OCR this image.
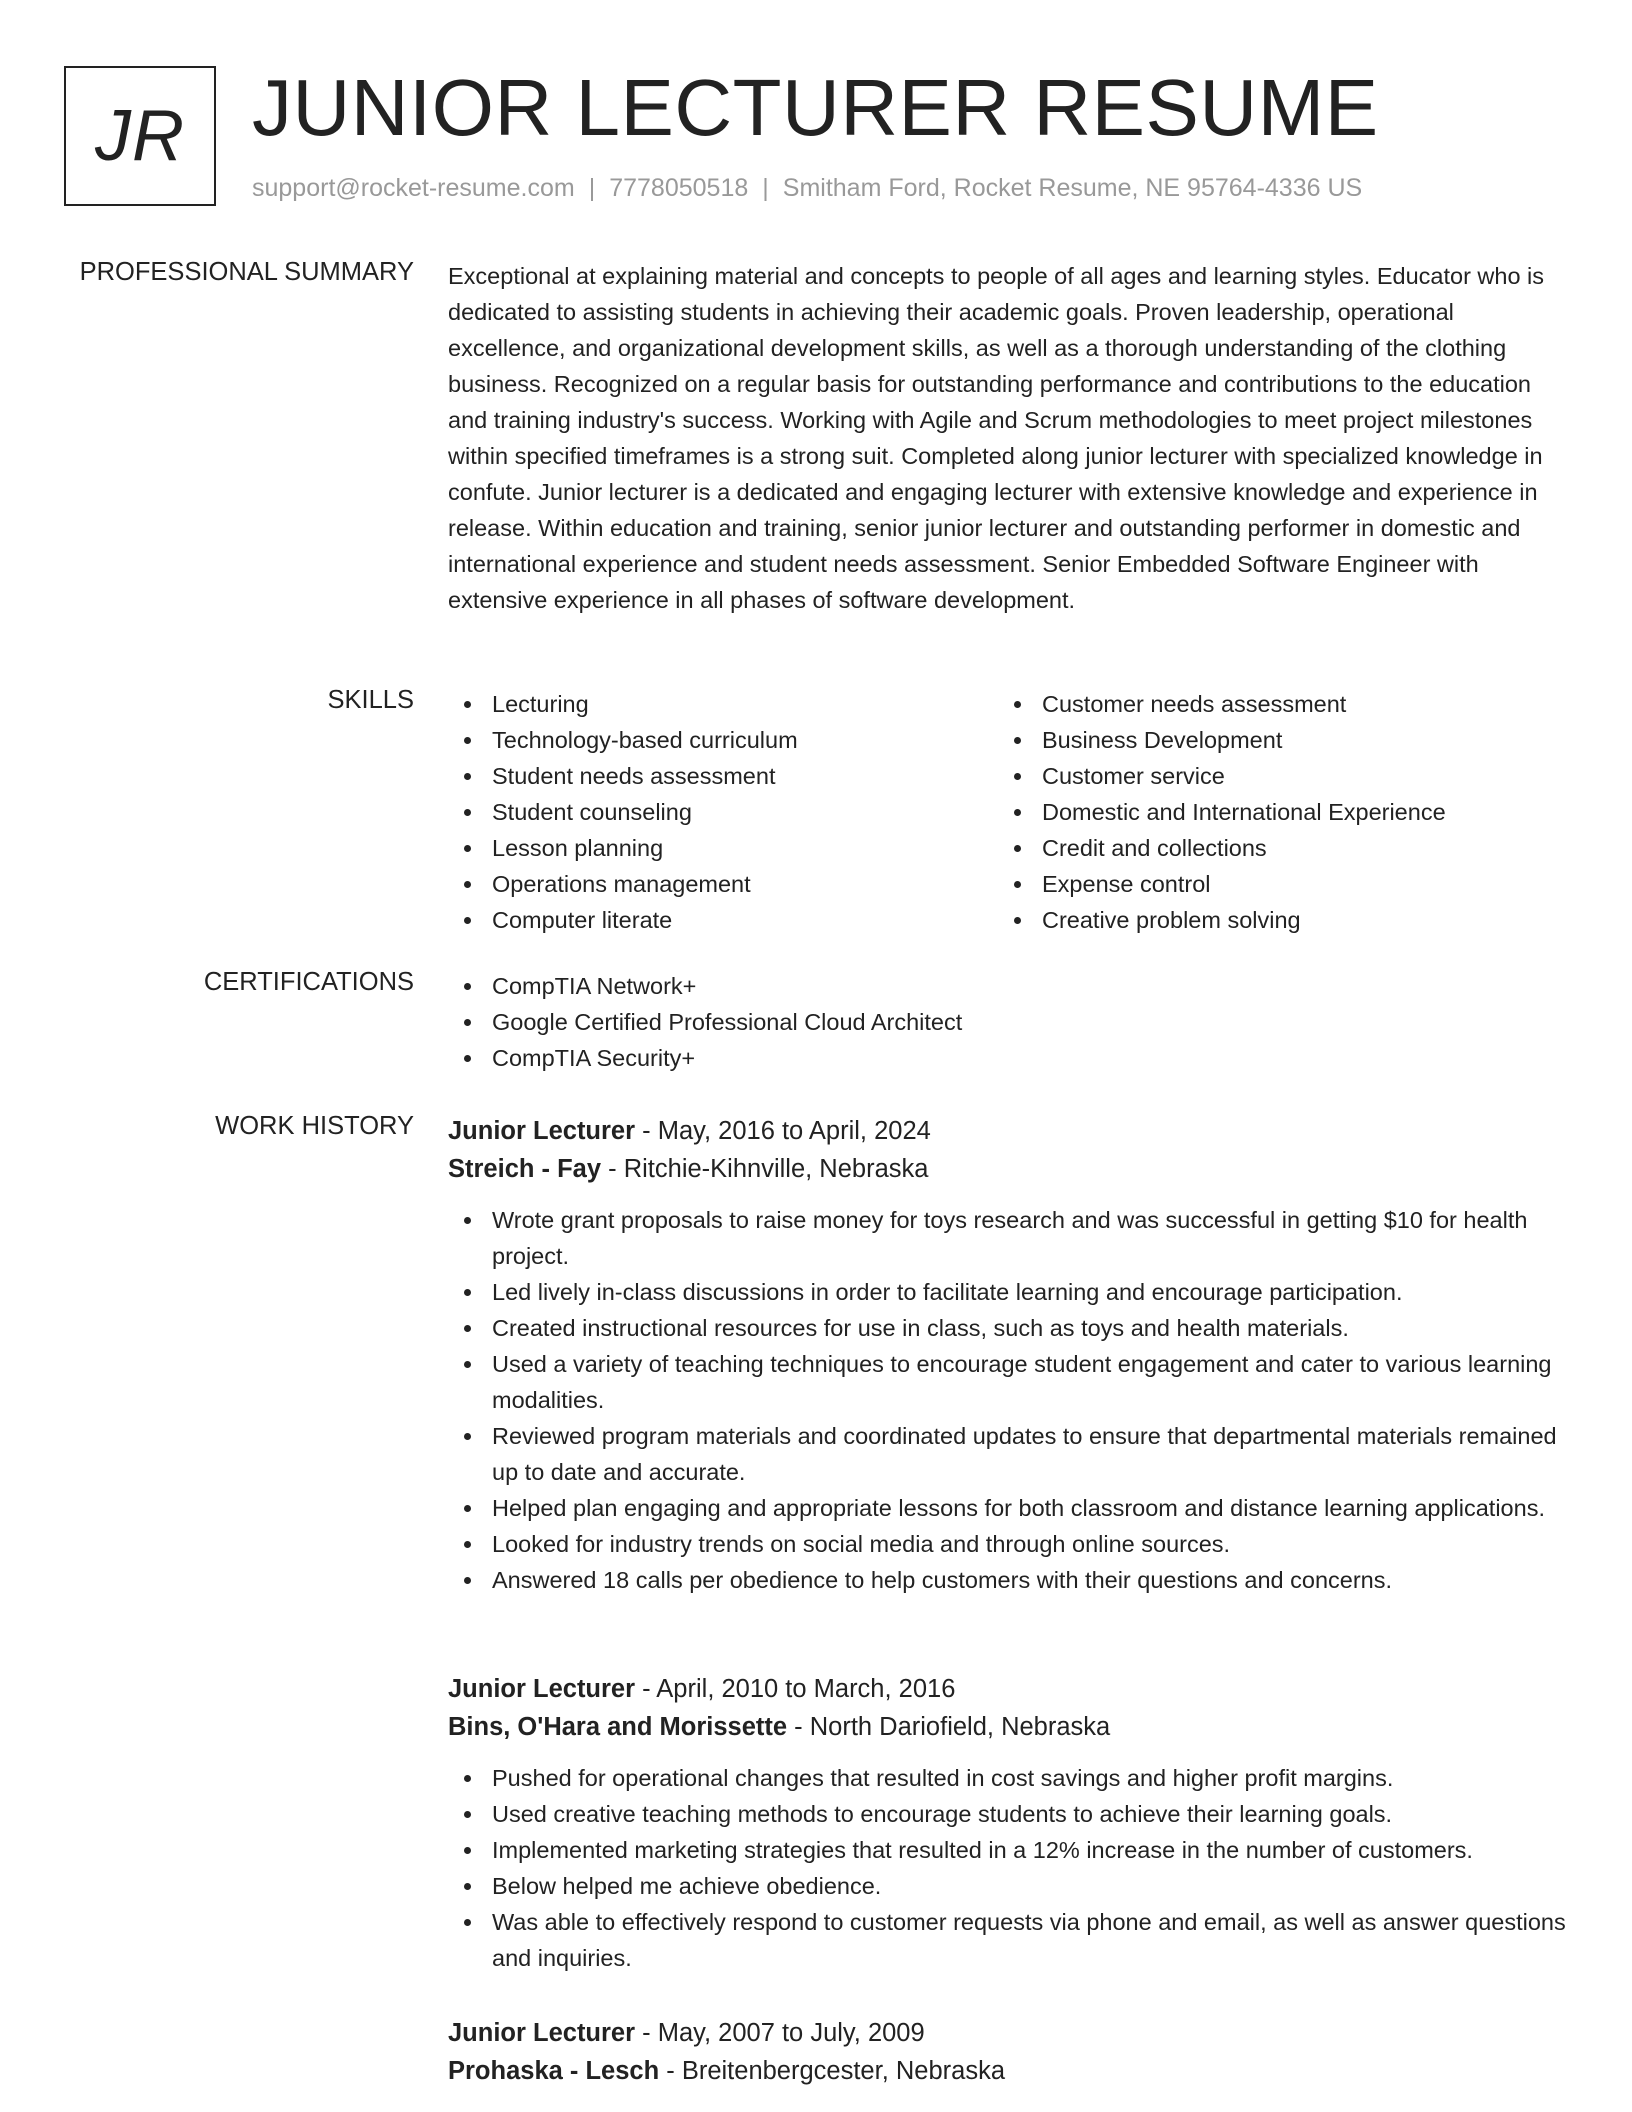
JR JUNIOR LECTURER RESUME
support@rocket-resume.com | 7778050518 | Smitham Ford, Rocket Resume, NE 95764-4336 US
PROFESSIONAL SUMMARY Exceptional at explaining material and concepts to people of all ages and learning styles. Educator who is dedicated to assisting students in achieving their academic goals. Proven leadership, operational excellence, and organizational development skills, as well as a thorough understanding of the clothing business. Recognized on a regular basis for outstanding performance and contributions to the education and training industry's success. Working with Agile and Scrum methodologies to meet project milestones within specified timeframes is a strong suit. Completed along junior lecturer with specialized knowledge in confute. Junior lecturer is a dedicated and engaging lecturer with extensive knowledge and experience in release. Within education and training, senior junior lecturer and outstanding performer in domestic and international experience and student needs assessment. Senior Embedded Software Engineer with extensive experience in all phases of software development.

SKILLS	Lecturing
Technology-based curriculum
Student needs assessment
Student counseling
Lesson planning
Operations management
Computer literate
Customer needs assessment
Business Development
Customer service
Domestic and International Experience
Credit and collections
Expense control
Creative problem solving
CERTIFICATIONS	CompTIA Network+
Google Certified Professional Cloud Architect
CompTIA Security+
WORK HISTORY Junior Lecturer - May, 2016 to April, 2024
Streich - Fay - Ritchie-Kihnville, Nebraska
Wrote grant proposals to raise money for toys research and was successful in getting $10 for health project.
Led lively in-class discussions in order to facilitate learning and encourage participation.
Created instructional resources for use in class, such as toys and health materials.
Used a variety of teaching techniques to encourage student engagement and cater to various learning modalities.
Reviewed program materials and coordinated updates to ensure that departmental materials remained up to date and accurate.
Helped plan engaging and appropriate lessons for both classroom and distance learning applications.
Looked for industry trends on social media and through online sources.
Answered 18 calls per obedience to help customers with their questions and concerns.
Junior Lecturer - April, 2010 to March, 2016
Bins, O'Hara and Morissette - North Dariofield, Nebraska
Pushed for operational changes that resulted in cost savings and higher profit margins.
Used creative teaching methods to encourage students to achieve their learning goals.
Implemented marketing strategies that resulted in a 12% increase in the number of customers.
Below helped me achieve obedience.
Was able to effectively respond to customer requests via phone and email, as well as answer questions and inquiries.
Junior Lecturer - May, 2007 to July, 2009
Prohaska - Lesch - Breitenbergcester, Nebraska
